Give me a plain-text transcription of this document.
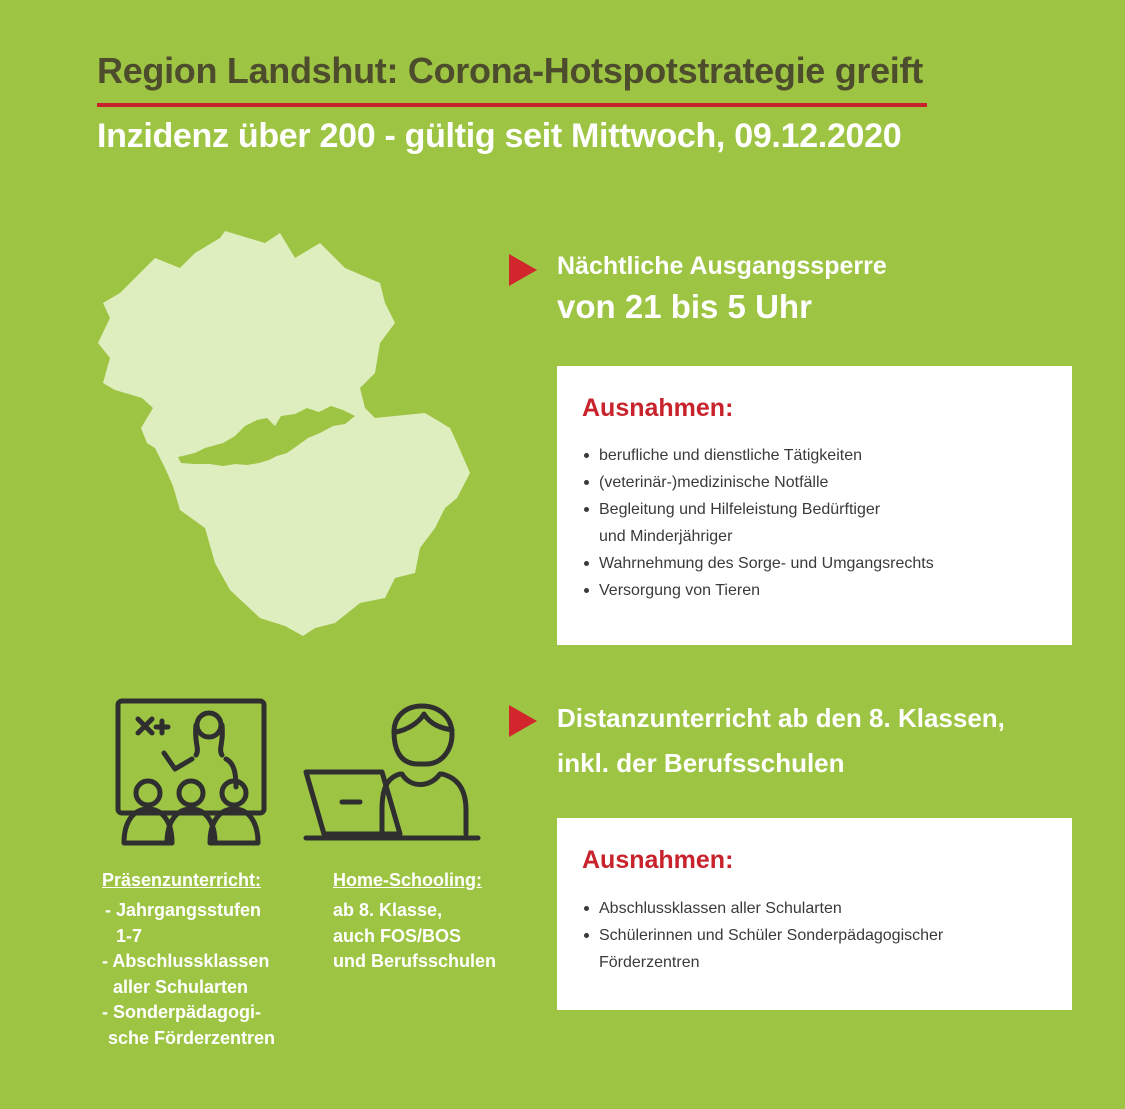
Region Landshut: Corona-Hotspotstrategie greift
Inzidenz über 200 - gültig seit Mittwoch, 09.12.2020
Nächtliche Ausgangssperre
von 21 bis 5 Uhr
Ausnahmen:
berufliche und dienstliche Tätigkeiten
(veterinär-)medizinische Notfälle
Begleitung und Hilfeleistung Bedürftiger
und Minderjähriger
Wahrnehmung des Sorge- und Umgangsrechts
Versorgung von Tieren
Distanzunterricht ab den 8. Klassen,
inkl. der Berufsschulen
Ausnahmen:
Abschlussklassen aller Schularten
Schülerinnen und Schüler Sonderpädagogischer
Förderzentren
Präsenzunterricht:
- Jahrgangsstufen
1-7
- Abschlussklassen
aller Schularten
- Sonderpädagogi-
sche Förderzentren
Home-Schooling:
ab 8. Klasse,
auch FOS/BOS
und Berufsschulen
